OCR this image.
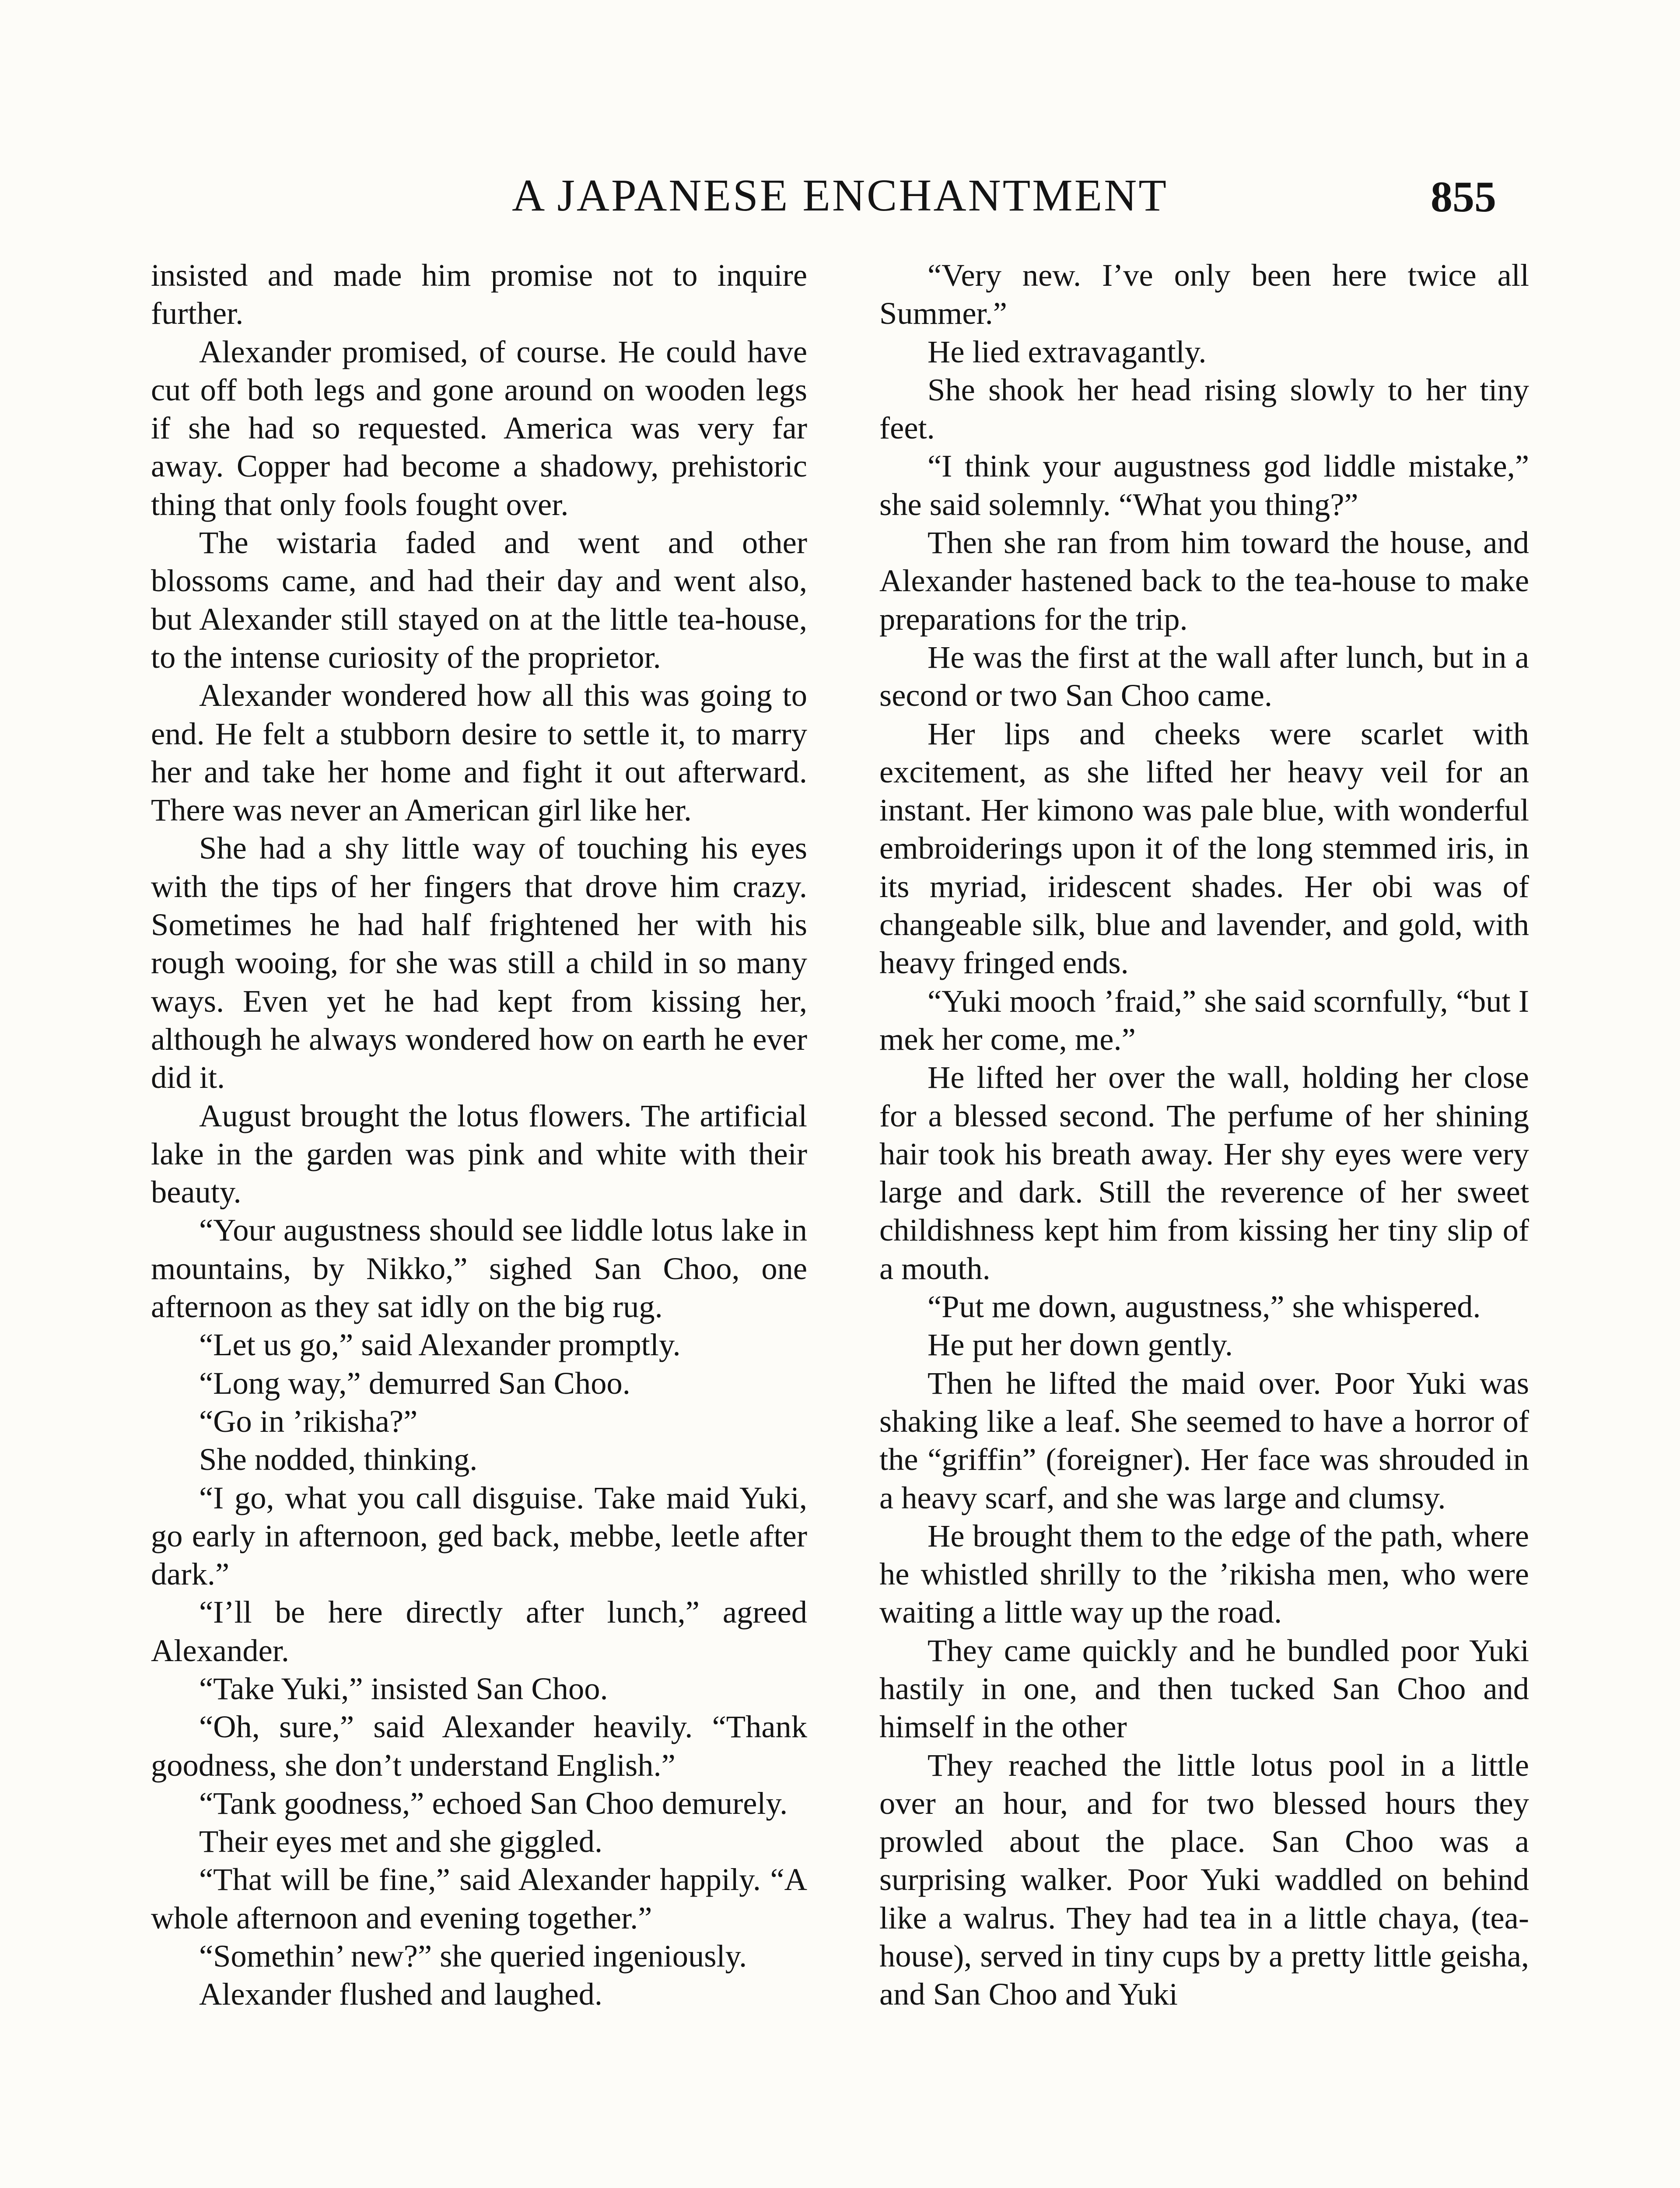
A JAPANESE ENCHANTMENT	855

insisted and made him promise not to inquire further.

Alexander promised, of course. He could have cut off both legs and gone around on wooden legs if she had so requested. America was very far away. Copper had become a shadowy, prehistoric thing that only fools fought over.

The wistaria faded and went and other blossoms came, and had their day and went also, but Alexander still stayed on at the little tea-house, to the intense curiosity of the proprietor.

Alexander wondered how all this was going to end. He felt a stubborn desire to settle it, to marry her and take her home and fight it out afterward. There was never an American girl like her.

She had a shy little way of touching his eyes with the tips of her fingers that drove him crazy. Sometimes he had half frightened her with his rough wooing, for she was still a child in so many ways. Even yet he had kept from kissing her, although he always wondered how on earth he ever did it.

August brought the lotus flowers. The artificial lake in the garden was pink and white with their beauty.

“Your augustness should see liddle lotus lake in mountains, by Nikko,” sighed San Choo, one afternoon as they sat idly on the big rug.

“Let us go,” said Alexander promptly.

“Long way,” demurred San Choo.

“Go in ’rikisha?”

She nodded, thinking.

“I go, what you call disguise. Take maid Yuki, go early in afternoon, ged back, mebbe, leetle after dark.”

“I’ll be here directly after lunch,” agreed Alexander.

“Take Yuki,” insisted San Choo.

“Oh, sure,” said Alexander heavily. “Thank goodness, she don’t understand English.”

“Tank goodness,” echoed San Choo demurely.

Their eyes met and she giggled.

“That will be fine,” said Alexander happily. “A whole afternoon and evening together.”

“Somethin’ new?” she queried ingeniously.

Alexander flushed and laughed.

“Very new. I’ve only been here twice all Summer.”

He lied extravagantly.

She shook her head rising slowly to her tiny feet.

“I think your augustness god liddle mistake,” she said solemnly. “What you thing?”

Then she ran from him toward the house, and Alexander hastened back to the tea-house to make preparations for the trip.

He was the first at the wall after lunch, but in a second or two San Choo came.

Her lips and cheeks were scarlet with excitement, as she lifted her heavy veil for an instant. Her kimono was pale blue, with wonderful embroiderings upon it of the long stemmed iris, in its myriad, iridescent shades. Her obi was of changeable silk, blue and lavender, and gold, with heavy fringed ends.

“Yuki mooch ’fraid,” she said scornfully, “but I mek her come, me.”

He lifted her over the wall, holding her close for a blessed second. The perfume of her shining hair took his breath away. Her shy eyes were very large and dark. Still the reverence of her sweet childishness kept him from kissing her tiny slip of a mouth.

“Put me down, augustness,” she whispered.

He put her down gently.

Then he lifted the maid over. Poor Yuki was shaking like a leaf. She seemed to have a horror of the “griffin” (foreigner). Her face was shrouded in a heavy scarf, and she was large and clumsy.

He brought them to the edge of the path, where he whistled shrilly to the ’rikisha men, who were waiting a little way up the road.

They came quickly and he bundled poor Yuki hastily in one, and then tucked San Choo and himself in the other

They reached the little lotus pool in a little over an hour, and for two blessed hours they prowled about the place. San Choo was a surprising walker. Poor Yuki waddled on behind like a walrus. They had tea in a little chaya, (tea-house), served in tiny cups by a pretty little geisha, and San Choo and Yuki
